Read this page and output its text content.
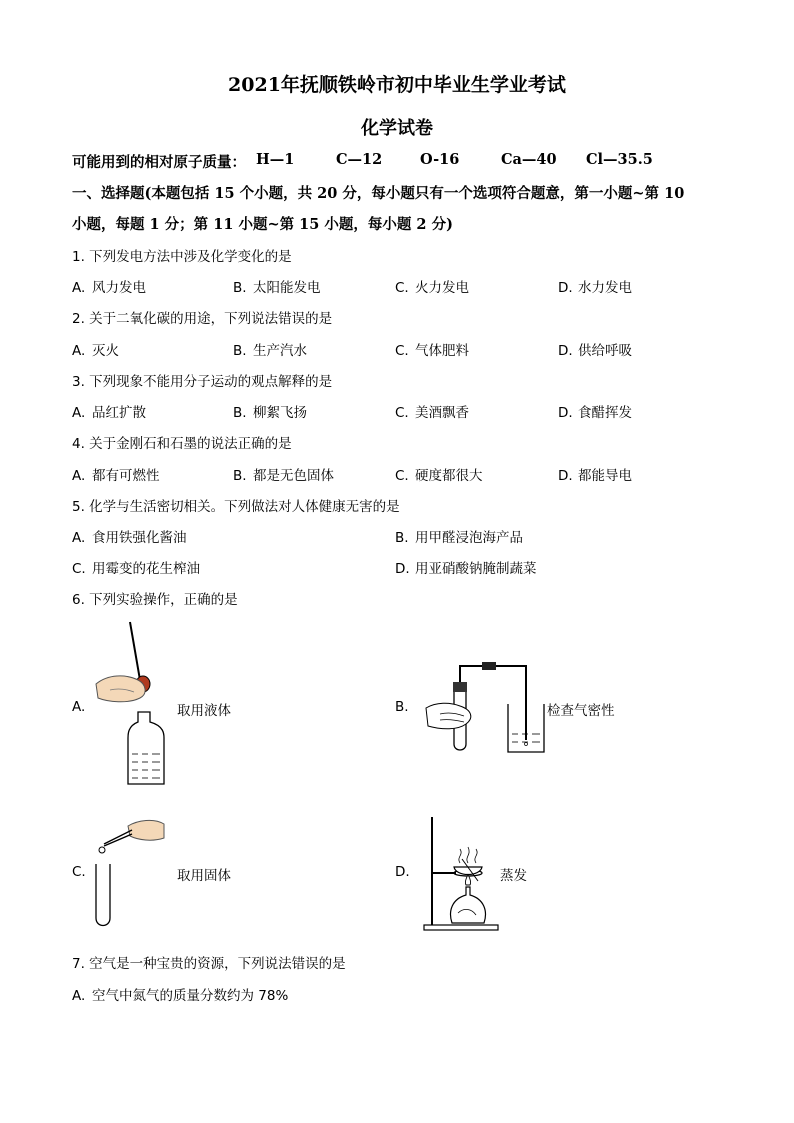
2021年抚顺铁岭市初中毕业生学业考试
化学试卷
可能用到的相对原子质量： H—1	C—12	O-16	Ca—40 Cl—35.5
一、选择题(本题包括 15 个小题，共 20 分，每小题只有一个选项符合题意，第一小题~第 10
小题，每题 1 分；第 11 小题~第 15 小题，每小题 2 分)
1. 下列发电方法中涉及化学变化的是
A. 风力发电	B. 太阳能发电	C. 火力发电	D. 水力发电
2. 关于二氧化碳的用途，下列说法错误的是
A. 灭火	B. 生产汽水	C. 气体肥料	D. 供给呼吸
3. 下列现象不能用分子运动的观点解释的是
A. 品红扩散	B. 柳絮飞扬	C. 美酒飘香	D. 食醋挥发
4. 关于金刚石和石墨的说法正确的是
A. 都有可燃性	B. 都是无色固体	C. 硬度都很大	D. 都能导电
5. 化学与生活密切相关。下列做法对人体健康无害的是
A. 食用铁强化酱油	B. 用甲醛浸泡海产品
C. 用霉变的花生榨油	D. 用亚硝酸钠腌制蔬菜
6. 下列实验操作，正确的是
A.	取用液体	B.	检查气密性
C.	取用固体	D.	蒸发
7. 空气是一种宝贵的资源，下列说法错误的是
A. 空气中氮气的质量分数约为 78%
